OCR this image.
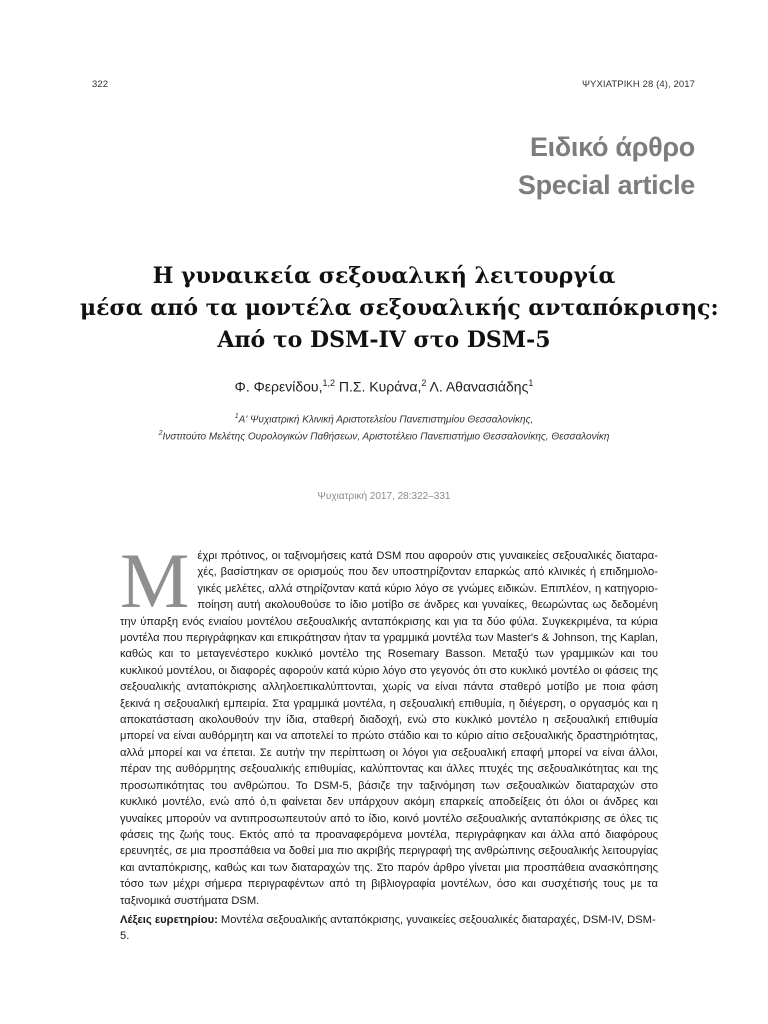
322	ΨΥΧΙΑΤΡΙΚΗ 28 (4), 2017
Ειδικό άρθρο
Special article
Η γυναικεία σεξουαλική λειτουργία
μέσα από τα μοντέλα σεξουαλικής ανταπόκρισης:
Από το DSM-IV στο DSM-5
Φ. Φερενίδου,$^{1,2}$ Π.Σ. Κυράνα,$^2$ Λ. Αθανασιάδης$^1$
$^1$Α' Ψυχιατρική Κλινική Αριστοτελείου Πανεπιστημίου Θεσσαλονίκης,
$^2$Ινστιτούτο Μελέτης Ουρολογικών Παθήσεων, Αριστοτέλειο Πανεπιστήμιο Θεσσαλονίκης, Θεσσαλονίκη
Ψυχιατρική 2017, 28:322–331

Μέχρι πρότινος, οι ταξινομήσεις κατά DSM που αφορούν στις γυναικείες σεξουαλικές διαταραχές, βασίστηκαν σε ορισμούς που δεν υποστηρίζονταν επαρκώς από κλινικές ή επιδημιολογικές μελέτες, αλλά στηρίζονταν κατά κύριο λόγο σε γνώμες ειδικών. Επιπλέον, η κατηγοριοποίηση αυτή ακολουθούσε το ίδιο μοτίβο σε άνδρες και γυναίκες, θεωρώντας ως δεδομένη την ύπαρξη ενός ενιαίου μοντέλου σεξουαλικής ανταπόκρισης και για τα δύο φύλα. Συγκεκριμένα, τα κύρια μοντέλα που περιγράφηκαν και επικράτησαν ήταν τα γραμμικά μοντέλα των Master's & Johnson, της Kaplan, καθώς και το μεταγενέστερο κυκλικό μοντέλο της Rosemary Basson. Μεταξύ των γραμμικών και του κυκλικού μοντέλου, οι διαφορές αφορούν κατά κύριο λόγο στο γεγονός ότι στο κυκλικό μοντέλο οι φάσεις της σεξουαλικής ανταπόκρισης αλληλοεπικαλύπτονται, χωρίς να είναι πάντα σταθερό μοτίβο με ποια φάση ξεκινά η σεξουαλική εμπειρία. Στα γραμμικά μοντέλα, η σεξουαλική επιθυμία, η διέγερση, ο οργασμός και η αποκατάσταση ακολουθούν την ίδια, σταθερή διαδοχή, ενώ στο κυκλικό μοντέλο η σεξουαλική επιθυμία μπορεί να είναι αυθόρμητη και να αποτελεί το πρώτο στάδιο και το κύριο αίτιο σεξουαλικής δραστηριότητας, αλλά μπορεί και να έπεται. Σε αυτήν την περίπτωση οι λόγοι για σεξουαλική επαφή μπορεί να είναι άλλοι, πέραν της αυθόρμητης σεξουαλικής επιθυμίας, καλύπτοντας και άλλες πτυχές της σεξουαλικότητας και της προσωπικότητας του ανθρώπου. Το DSM-5, βάσιζε την ταξινόμηση των σεξουαλικών διαταραχών στο κυκλικό μοντέλο, ενώ από ό,τι φαίνεται δεν υπάρχουν ακόμη επαρκείς αποδείξεις ότι όλοι οι άνδρες και γυναίκες μπορούν να αντιπροσωπευτούν από το ίδιο, κοινό μοντέλο σεξουαλικής ανταπόκρισης σε όλες τις φάσεις της ζωής τους. Εκτός από τα προαναφερόμενα μοντέλα, περιγράφηκαν και άλλα από διαφόρους ερευνητές, σε μια προσπάθεια να δοθεί μια πιο ακριβής περιγραφή της ανθρώπινης σεξουαλικής λειτουργίας και ανταπόκρισης, καθώς και των διαταραχών της. Στο παρόν άρθρο γίνεται μια προσπάθεια ανασκόπησης τόσο των μέχρι σήμερα περιγραφέντων από τη βιβλιογραφία μοντέλων, όσο και συσχέτισής τους με τα ταξινομικά συστήματα DSM.

Λέξεις ευρετηρίου: Μοντέλα σεξουαλικής ανταπόκρισης, γυναικείες σεξουαλικές διαταραχές, DSM-IV, DSM-5.
